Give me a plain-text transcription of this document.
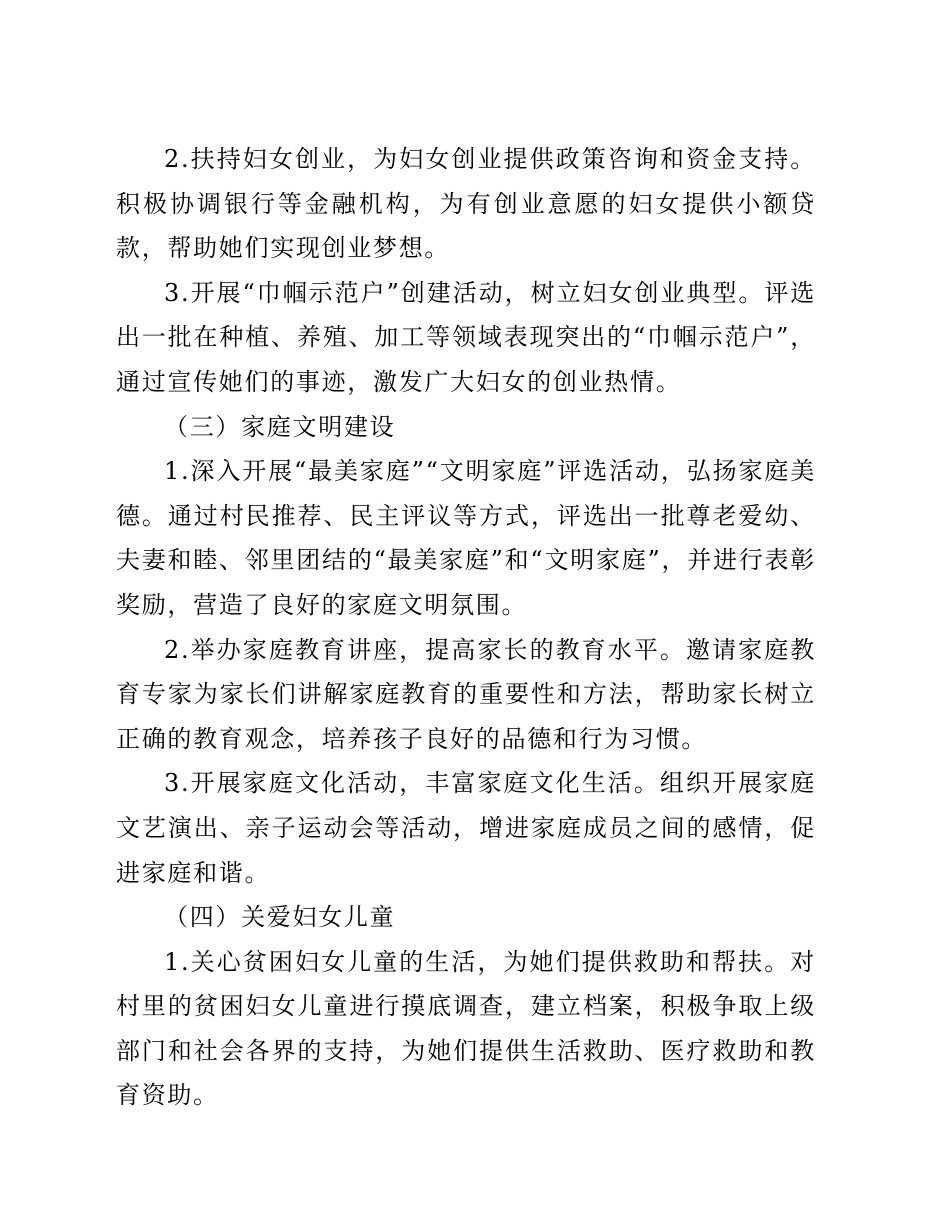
2.扶持妇女创业，为妇女创业提供政策咨询和资金支持。积极协调银行等金融机构，为有创业意愿的妇女提供小额贷款，帮助她们实现创业梦想。

3.开展“巾帼示范户”创建活动，树立妇女创业典型。评选出一批在种植、养殖、加工等领域表现突出的“巾帼示范户”，通过宣传她们的事迹，激发广大妇女的创业热情。

（三）家庭文明建设

1.深入开展“最美家庭”“文明家庭”评选活动，弘扬家庭美德。通过村民推荐、民主评议等方式，评选出一批尊老爱幼、夫妻和睦、邻里团结的“最美家庭”和“文明家庭”，并进行表彰奖励，营造了良好的家庭文明氛围。

2.举办家庭教育讲座，提高家长的教育水平。邀请家庭教育专家为家长们讲解家庭教育的重要性和方法，帮助家长树立正确的教育观念，培养孩子良好的品德和行为习惯。

3.开展家庭文化活动，丰富家庭文化生活。组织开展家庭文艺演出、亲子运动会等活动，增进家庭成员之间的感情，促进家庭和谐。

（四）关爱妇女儿童

1.关心贫困妇女儿童的生活，为她们提供救助和帮扶。对村里的贫困妇女儿童进行摸底调查，建立档案，积极争取上级部门和社会各界的支持，为她们提供生活救助、医疗救助和教育资助。
